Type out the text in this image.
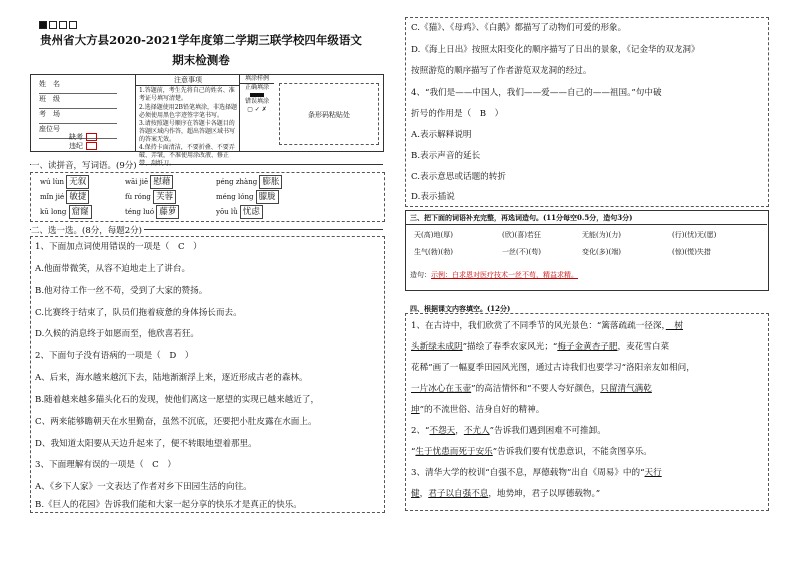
贵州省大方县2020-2021学年度第二学期三联学校四年级语文
期末检测卷
姓　名
班　级
考　场
座位号
缺考
违纪
注意事项
1.答题前，考生先将自己的姓名、准考证号填写清楚。
2.选择题使用2B铅笔填涂，非选择题必须使用黑色字迹签字笔书写。
3.请按照题号顺序在答题卡各题目的答题区域内作答，超出答题区域书写的答案无效。
4.保持卡面清洁，不要折叠、不要弄破、弄皱，不准使用涂改液、修正带、刮纸刀。
填涂样例
正确填涂
错误填涂
▢ ✓ ✗
条形码粘贴处
一、读拼音，写词语。(9分)
wú lùn 无叙	wāi jiē 慰藉	péng zhàng 膨胀
mǐn jié 敏捷	fù róng 芙蓉	méng lóng 朦胧
kū long 窟窿	téng luó 藤萝	yōu lǜ 忧虑
二、选一选。(8分，每题2分)
1、下面加点词使用错误的一项是（　C　）
A.他面带微笑，从容不迫地走上了讲台。
B.他对待工作一丝不苟，受到了大家的赞扬。
C.比赛终于结束了，队员们拖着疲惫的身体扬长而去。
D.久候的消息终于如愿而至，他欣喜若狂。
2、下面句子没有语病的一项是（　D　）
A、后来，海水越来越沉下去，陆地渐渐浮上来，逐近形成古老的森林。
B.随着越来越多猫头化石的发现，使他们离这一愿望的实现已越来越近了，
C、两来能够瞻朝天在水里勤奋，虽然不沉底，还要把小肚皮露在水面上。
D、我知道太阳要从天边升起来了，便不转眼地望着那里。
3、下面理解有误的一项是（　C　）
A、《乡下人家》一文表达了作者对乡下田园生活的向往。
B.《巨人的花园》告诉我们能和大家一起分享的快乐才是真正的快乐。
C.《猫》、《母鸡》、《白鹅》都描写了动物们可爱的形象。
D.《海上日出》按照太阳变化的顺序描写了日出的景象，《记金华的双龙洞》
按照游览的顺序描写了作者游览双龙洞的经过。
4、“我们是——中国人，我们——爱——自己的——祖国。”句中破
折号的作用是（　B　）
A.表示解释说明
B.表示声音的延长
C.表示意思或话题的转折
D.表示插说
三、把下面的词语补充完整，再选词造句。(11分每空0.5分，造句3分)
天(高)地(厚)	(欣)(喜)若狂	无能(为)(力)	(行)(忧)无(愿)
生气(勃)(勃)	一丝(不)(苟)	变化(多)(端)	(惊)(慌)失措
造句：示例：白求恩对医疗技术一丝不苟，精益求精。
四、根据课文内容填空。(12分)
1、在古诗中，我们欣赏了不同季节的风光景色：“篱落疏疏一径深，　树
头新绿未成阴”描绘了春季农家风光；“梅子金黄杏子肥，麦花雪白菜
花稀”画了一幅夏季田园风光图，通过古诗我们也要学习“洛阳亲友如相问，
一片冰心在玉壶”的高洁情怀和“不要人夸好颜色，只留清气满乾
坤”的不流世俗、洁身自好的精神。
2、“不怨天，不尤人”告诉我们遇到困难不可推卸。
“生于忧患而死于安乐”告诉我们要有忧患意识，不能贪图享乐。
3、清华大学的校训“自强不息，厚德载物”出自《周易》中的“天行
健，君子以自强不息，地势坤，君子以厚德载物。”
